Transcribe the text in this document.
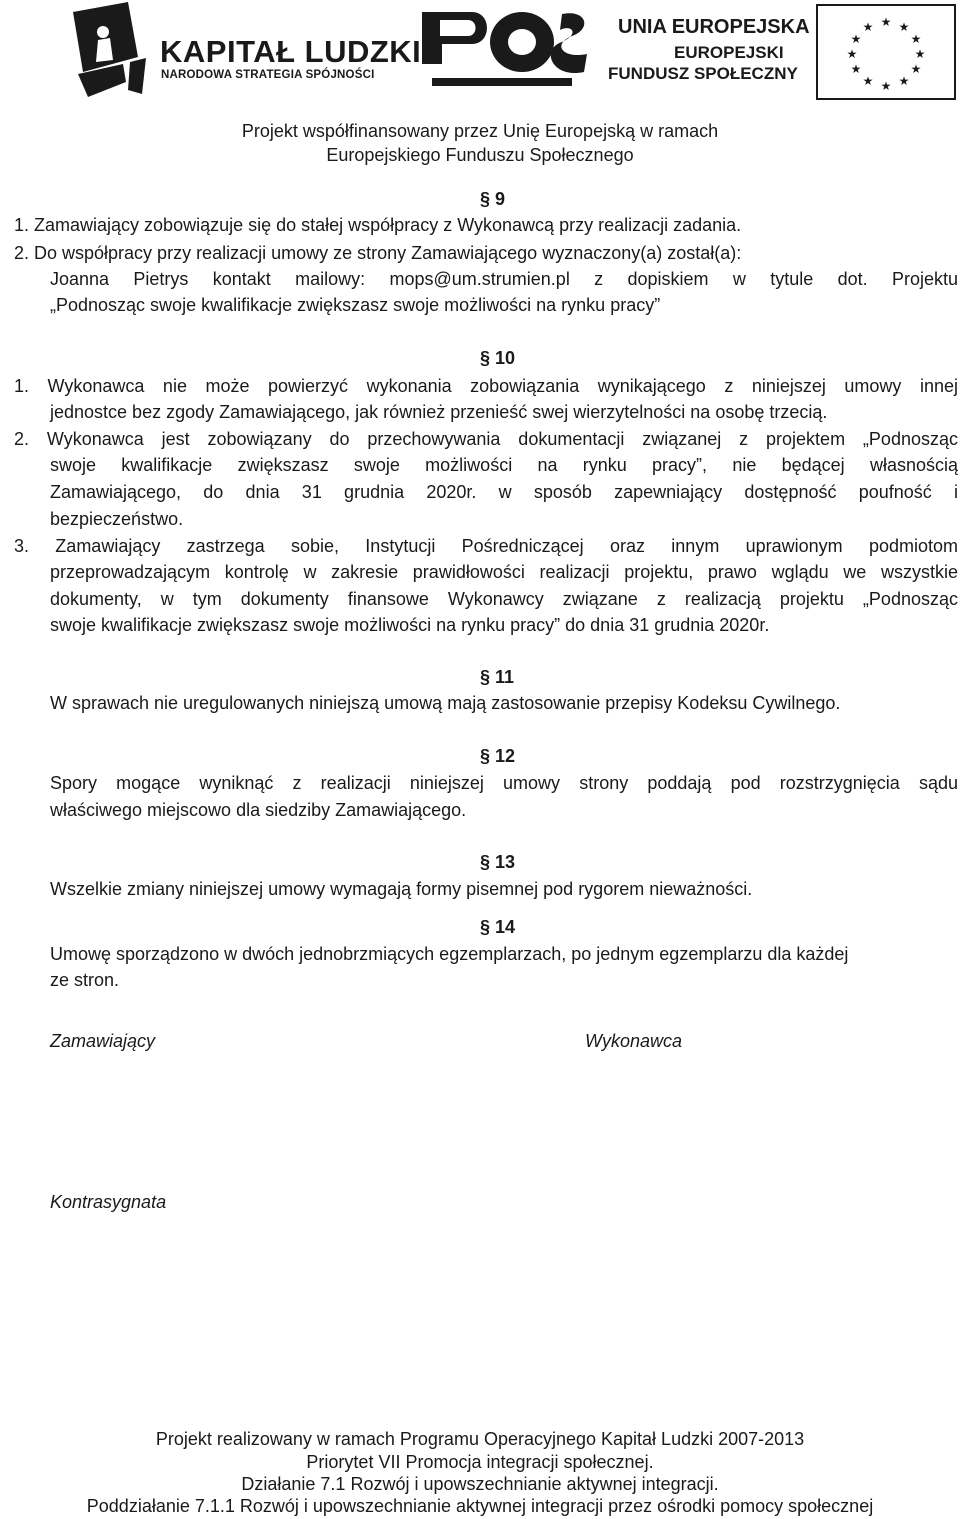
KAPITAŁ LUDZKI
NARODOWA STRATEGIA SPÓJNOŚCI
UNIA EUROPEJSKA
EUROPEJSKI
FUNDUSZ SPOŁECZNY
★ ★
★
★
★
★
★
★
★
★
★
★
Projekt współfinansowany przez Unię Europejską w ramach
Europejskiego Funduszu Społecznego
§ 9
1. Zamawiający zobowiązuje się do stałej współpracy z Wykonawcą przy realizacji zadania.
2. Do współpracy przy realizacji umowy ze strony Zamawiającego wyznaczony(a) został(a):
Joanna Pietrys kontakt mailowy: mops@um.strumien.pl z dopiskiem w tytule dot. Projektu
„Podnosząc swoje kwalifikacje zwiększasz swoje możliwości na rynku pracy”
§ 10
1. Wykonawca nie może powierzyć wykonania zobowiązania wynikającego z niniejszej umowy innej
jednostce bez zgody Zamawiającego, jak również przenieść swej wierzytelności na osobę trzecią.
2. Wykonawca jest zobowiązany do przechowywania dokumentacji związanej z projektem „Podnosząc
swoje kwalifikacje zwiększasz swoje możliwości na rynku pracy”, nie będącej własnością
Zamawiającego, do dnia 31 grudnia 2020r. w sposób zapewniający dostępność poufność i
bezpieczeństwo.
3. Zamawiający zastrzega sobie, Instytucji Pośredniczącej oraz innym uprawionym podmiotom
przeprowadzającym kontrolę w zakresie prawidłowości realizacji projektu, prawo wglądu we wszystkie
dokumenty, w tym dokumenty finansowe Wykonawcy związane z realizacją projektu „Podnosząc
swoje kwalifikacje zwiększasz swoje możliwości na rynku pracy” do dnia 31 grudnia 2020r.
§ 11
W sprawach nie uregulowanych niniejszą umową mają zastosowanie przepisy Kodeksu Cywilnego.
§ 12
Spory mogące wyniknąć z realizacji niniejszej umowy strony poddają pod rozstrzygnięcia sądu
właściwego miejscowo dla siedziby Zamawiającego.
§ 13
Wszelkie zmiany niniejszej umowy wymagają formy pisemnej pod rygorem nieważności.
§ 14
Umowę sporządzono w dwóch jednobrzmiących egzemplarzach, po jednym egzemplarzu dla każdej
ze stron.
Zamawiający	Wykonawca
Kontrasygnata
Projekt realizowany w ramach Programu Operacyjnego Kapitał Ludzki 2007-2013
Priorytet VII Promocja integracji społecznej.
Działanie 7.1 Rozwój i upowszechnianie aktywnej integracji.
Poddziałanie 7.1.1 Rozwój i upowszechnianie aktywnej integracji przez ośrodki pomocy społecznej
